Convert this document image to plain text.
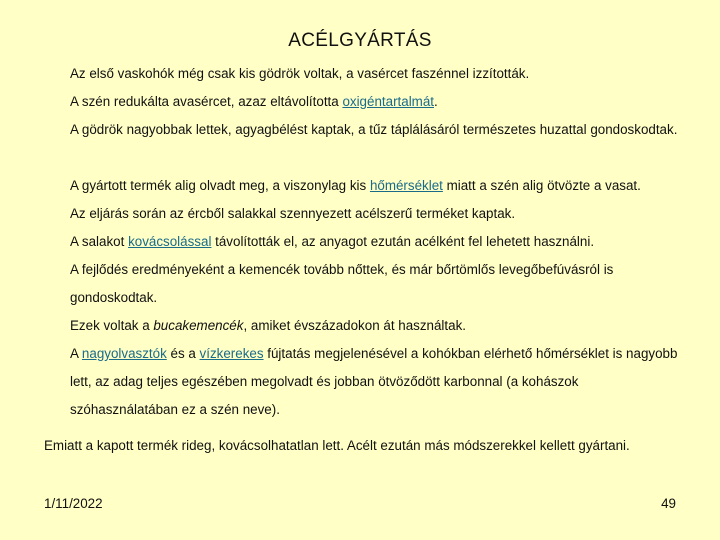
ACÉLGYÁRTÁS

Az első vaskohók még csak kis gödrök voltak, a vasércet faszénnel izzították.

A szén redukálta avasércet, azaz eltávolította oxigéntartalmát.

A gödrök nagyobbak lettek, agyagbélést kaptak, a tűz táplálásáról természetes huzattal gondoskodtak.

A gyártott termék alig olvadt meg, a viszonylag kis hőmérséklet miatt a szén alig ötvözte a vasat.

Az eljárás során az ércből salakkal szennyezett acélszerű terméket kaptak.

A salakot kovácsolással távolították el, az anyagot ezután acélként fel lehetett használni.

A fejlődés eredményeként a kemencék tovább nőttek, és már bőrtömlős levegőbefúvásról is gondoskodtak.

Ezek voltak a bucakemencék, amiket évszázadokon át használtak.

A nagyolvasztók és a vízkerekes fújtatás megjelenésével a kohókban elérhető hőmérséklet is nagyobb lett, az adag teljes egészében megolvadt és jobban ötvöződött karbonnal (a kohászok szóhasználatában ez a szén neve).

Emiatt a kapott termék rideg, kovácsolhatatlan lett. Acélt ezután más módszerekkel kellett gyártani.

1/11/2022	49
